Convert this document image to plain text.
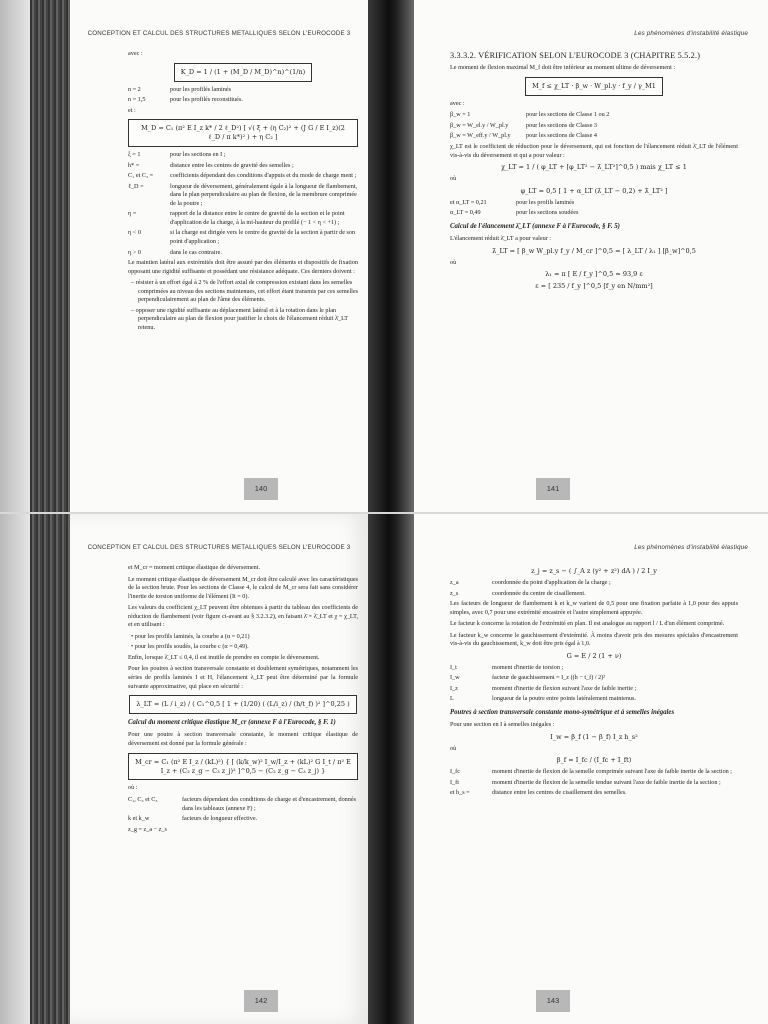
CONCEPTION ET CALCUL DES STRUCTURES METALLIQUES SELON L'EUROCODE 3
avec :
K_D = 1 / (1 + (M_D / M_D)^n)^(1/n)
n = 2	pour les profilés laminés
n = 1,5	pour les profilés reconstitués.
et :
M_D = C₁ (π² E I_z k* / 2 ℓ_D²) [ √( ξ + (η C₂)² + (J G / E I_z)(2 ℓ_D / π k*)² ) + η C₂ ]
ξ = 1	pour les sections en I ;
h* =	distance entre les centres de gravité des semelles ;
C₁ et C₂ =	coefficients dépendant des conditions d'appuis et du mode de charge ment ;
ℓ_D =	longueur de déversement, généralement égale à la longueur de flambement, dans le plan perpendiculaire au plan de flexion, de la membrure comprimée de la poutre ;
η =	rapport de la distance entre le centre de gravité de la section et le point d'application de la charge, à la mi-hauteur du profilé (− 1 < η < +1) ;
η < 0	si la charge est dirigée vers le centre de gravité de la section à partir de son point d'application ;
η > 0	dans le cas contraire.
Le maintien latéral aux extrémités doit être assuré par des éléments et dispositifs de fixation opposant une rigidité suffisante et possédant une résistance adéquate. Ces derniers doivent :
– résister à un effort égal à 2 % de l'effort axial de compression existant dans les semelles comprimées au niveau des sections maintenues, cet effort étant transmis par ces semelles perpendiculairement au plan de l'âme des éléments.
– opposer une rigidité suffisante au déplacement latéral et à la rotation dans le plan perpendiculaire au plan de flexion pour justifier le choix de l'élancement réduit λ̄_LT retenu.
140
Les phénomènes d'instabilité élastique
3.3.3.2. VÉRIFICATION SELON L'EUROCODE 3 (CHAPITRE 5.5.2.)
Le moment de flexion maximal M_f doit être inférieur au moment ultime de déversement :
M_f ≤ χ_LT · β_w · W_pl.y · f_y / γ_M1
avec :
β_w = 1	pour les sections de Classe 1 ou 2
β_w = W_el.y / W_pl.y	pour les sections de Classe 3
β_w = W_eff.y / W_pl.y	pour les sections de Classe 4
χ_LT est le coefficient de réduction pour le déversement, qui est fonction de l'élancement réduit λ̄_LT de l'élément vis-à-vis du déversement et qui a pour valeur :
χ_LT = 1 / ( φ_LT + [φ_LT² − λ̄_LT²]^0,5 ) mais χ_LT ≤ 1
où
φ_LT = 0,5 [ 1 + α_LT (λ̄_LT − 0,2) + λ̄_LT² ]
et α_LT = 0,21	pour les profils laminés
α_LT = 0,49	pour les sections soudées
Calcul de l'élancement λ̄_LT (annexe F à l'Eurocode, § F. 5)
L'élancement réduit λ̄_LT a pour valeur :
λ̄_LT = [ β_w W_pl.y f_y / M_cr ]^0,5 = [ λ_LT / λ₁ ] [β_w]^0,5
où
λ₁ = π [ E / f_y ]^0,5 = 93,9 ε
ε = [ 235 / f_y ]^0,5 [f_y en N/mm²]
141
CONCEPTION ET CALCUL DES STRUCTURES METALLIQUES SELON L'EUROCODE 3
et M_cr = moment critique élastique de déversement.
Le moment critique élastique de déversement M_cr doit être calculé avec les caractéristiques de la section brute. Pour les sections de Classe 4, le calcul de M_cr sera fait sans considérer l'inertie de torsion uniforme de l'élément (It = 0).
Les valeurs du coefficient χ_LT peuvent être obtenues à partir du tableau des coefficients de réduction de flambement (voir figure ci-avant au § 3.2.3.2), en faisant λ̄ = λ̄_LT et χ = χ_LT, et en utilisant :
• pour les profils laminés, la courbe a (α = 0,21)
• pour les profils soudés, la courbe c (α = 0,49).
Enfin, lorsque λ̄_LT ≤ 0,4, il est inutile de prendre en compte le déversement.
Pour les poutres à section transversale constante et doublement symétriques, notamment les séries de profils laminés I et H, l'élancement λ_LT peut être déterminé par la formule suivante approximative, qui place en sécurité :
λ_LT = (L / i_z) / ( C₁^0,5 [ 1 + (1/20) ( (L/i_z) / (h/t_f) )² ]^0,25 )
Calcul du moment critique élastique M_cr (annexe F à l'Eurocode, § F. 1)
Pour une poutre à section transversale constante, le moment critique élastique de déversement est donné par la formule générale :
M_cr = C₁ (π² E I_z / (kL)²) { [ (k/k_w)² I_w/I_z + (kL)² G I_t / π² E I_z + (C₂ z_g − C₃ z_j)² ]^0,5 − (C₂ z_g − C₃ z_j) }
où :
C₁, C₂ et C₃	facteurs dépendant des conditions de charge et d'encastrement, donnés dans les tableaux (annexe F) ;
k et k_w	facteurs de longueur effective.
z_g = z_a − z_s
142
Les phénomènes d'instabilité élastique
z_j = z_s − ( ∫_A z (y² + z²) dA ) / 2 I_y
z_a	coordonnée du point d'application de la charge ;
z_s	coordonnée du centre de cisaillement.
Les facteurs de longueur de flambement k et k_w varient de 0,5 pour une fixation parfaite à 1,0 pour des appuis simples, avec 0,7 pour une extrémité encastrée et l'autre simplement appuyée.
Le facteur k concerne la rotation de l'extrémité en plan. Il est analogue au rapport l / L d'un élément comprimé.
Le facteur k_w concerne le gauchissement d'extrémité. À moins d'avoir pris des mesures spéciales d'encastrement vis-à-vis du gauchissement, k_w doit être pris égal à 1,0.
G = E / 2 (1 + ν)
I_t	moment d'inertie de torsion ;
I_w	facteur de gauchissement = I_z ((h − t_f) / 2)²
I_z	moment d'inertie de flexion suivant l'axe de faible inertie ;
L	longueur de la poutre entre points latéralement maintenus.
Poutres à section transversale constante mono-symétrique et à semelles inégales
Pour une section en I à semelles inégales :
I_w = β_f (1 − β_f) I_z h_s²
où
β_f = I_fc / (I_fc + I_ft)
I_fc	moment d'inertie de flexion de la semelle comprimée suivant l'axe de faible inertie de la section ;
I_ft	moment d'inertie de flexion de la semelle tendue suivant l'axe de faible inertie de la section ;
et h_s =	distance entre les centres de cisaillement des semelles.
143
